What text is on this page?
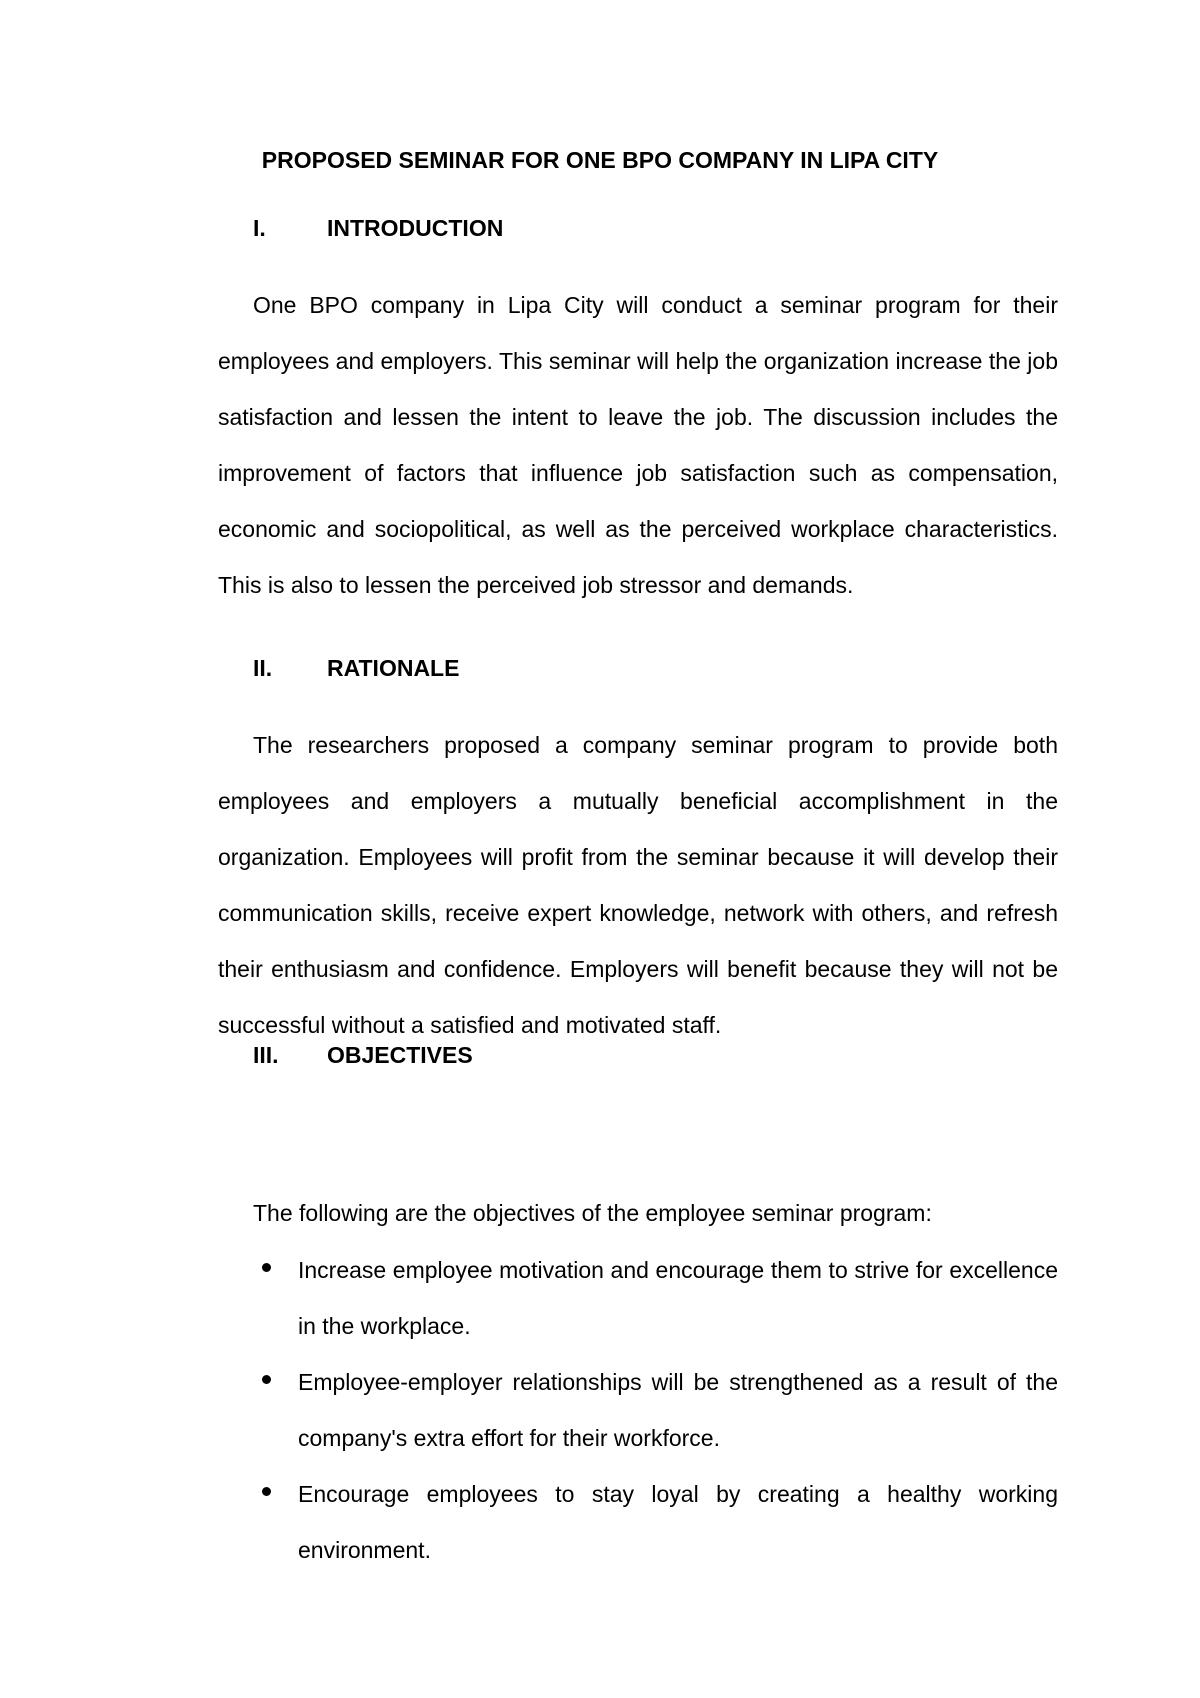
PROPOSED SEMINAR FOR ONE BPO COMPANY IN LIPA CITY
I.	INTRODUCTION

One BPO company in Lipa City will conduct a seminar program for their employees and employers. This seminar will help the organization increase the job satisfaction and lessen the intent to leave the job. The discussion includes the improvement of factors that influence job satisfaction such as compensation, economic and sociopolitical, as well as the perceived workplace characteristics. This is also to lessen the perceived job stressor and demands.

II. RATIONALE

The researchers proposed a company seminar program to provide both employees and employers a mutually beneficial accomplishment in the organization. Employees will profit from the seminar because it will develop their communication skills, receive expert knowledge, network with others, and refresh their enthusiasm and confidence. Employers will benefit because they will not be successful without a satisfied and motivated staff.

III. OBJECTIVES

The following are the objectives of the employee seminar program:

Increase employee motivation and encourage them to strive for excellence in the workplace.
Employee-employer relationships will be strengthened as a result of the company's extra effort for their workforce.
Encourage employees to stay loyal by creating a healthy working environment.
